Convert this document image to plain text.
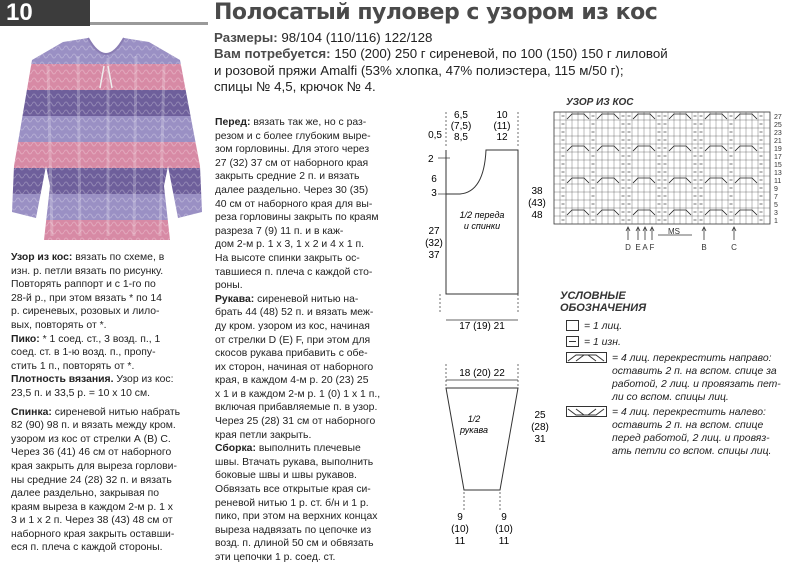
10	Полосатый пуловер с узором из кос
Размеры: 98/104 (110/116) 122/128
Вам потребуется: 150 (200) 250 г сиреневой, по 100 (150) 150 г лиловой
и розовой пряжи Amalfi (53% хлопка, 47% полиэстера, 115 м/50 г);
спицы № 4,5, крючок № 4.

Узор из кос: вязать по схеме, в
изн. р. петли вязать по рисунку.
Повторять раппорт и с 1-го по
28-й р., при этом вязать * по 14
р. сиреневых, розовых и лило-
вых, повторять от *.

Пико: * 1 соед. ст., 3 возд. п., 1
соед. ст. в 1-ю возд. п., пропу-
стить 1 п., повторять от *.

Плотность вязания. Узор из кос:
23,5 п. и 33,5 р. = 10 х 10 см.

Спинка: сиреневой нитью набрать
82 (90) 98 п. и вязать между кром.
узором из кос от стрелки А (В) С.
Через 36 (41) 46 см от наборного
края закрыть для выреза горлови-
ны средние 24 (28) 32 п. и вязать
далее раздельно, закрывая по
краям выреза в каждом 2-м р. 1 х
3 и 1 х 2 п. Через 38 (43) 48 см от
наборного края закрыть оставши-
еся п. плеча с каждой стороны.

Перед: вязать так же, но с раз-
резом и с более глубоким выре-
зом горловины. Для этого через
27 (32) 37 см от наборного края
закрыть средние 2 п. и вязать
далее раздельно. Через 30 (35)
40 см от наборного края для вы-
реза горловины закрыть по краям
разреза 7 (9) 11 п. и в каж-
дом 2-м р. 1 х 3, 1 х 2 и 4 х 1 п.
На высоте спинки закрыть ос-
тавшиеся п. плеча с каждой сто-
роны.

Рукава: сиреневой нитью на-
брать 44 (48) 52 п. и вязать меж-
ду кром. узором из кос, начиная
от стрелки D (E) F, при этом для
скосов рукава прибавить с обе-
их сторон, начиная от наборного
края, в каждом 4-м р. 20 (23) 25
х 1 и в каждом 2-м р. 1 (0) 1 х 1 п.,
включая прибавляемые п. в узор.
Через 25 (28) 31 см от наборного
края петли закрыть.

Сборка: выполнить плечевые
швы. Втачать рукава, выполнить
боковые швы и швы рукавов.
Обвязать все открытые края си-
реневой нитью 1 р. ст. б/н и 1 р.
пико, при этом на верхних концах
выреза надвязать по цепочке из
возд. п. длиной 50 см и обвязать
эти цепочки 1 р. соед. ст.

6,5
(7,5)
8,5
10
(11)
12
0,5
2
6
3
27
(32)
37
38
(43)
48
1/2 переда
и спинки
17 (19) 21
18 (20) 22
1/2
рукава
25
(28)
31
9
(10)
11
9
(10)
11
УЗОР ИЗ КОС
27
25
23
21
19
17
15
13
11
9
7
5
3
1
D E A F
MS
B	C
УСЛОВНЫЕ
ОБОЗНАЧЕНИЯ
= 1 лиц.
= 1 изн.
= 4 лиц. перекрестить направо:
оставить 2 п. на вспом. спице за
работой, 2 лиц. и провязать пет-
ли со вспом. спицы лиц.
= 4 лиц. перекрестить налево:
оставить 2 п. на вспом. спице
перед работой, 2 лиц. и провяз-
ать петли со вспом. спицы лиц.
